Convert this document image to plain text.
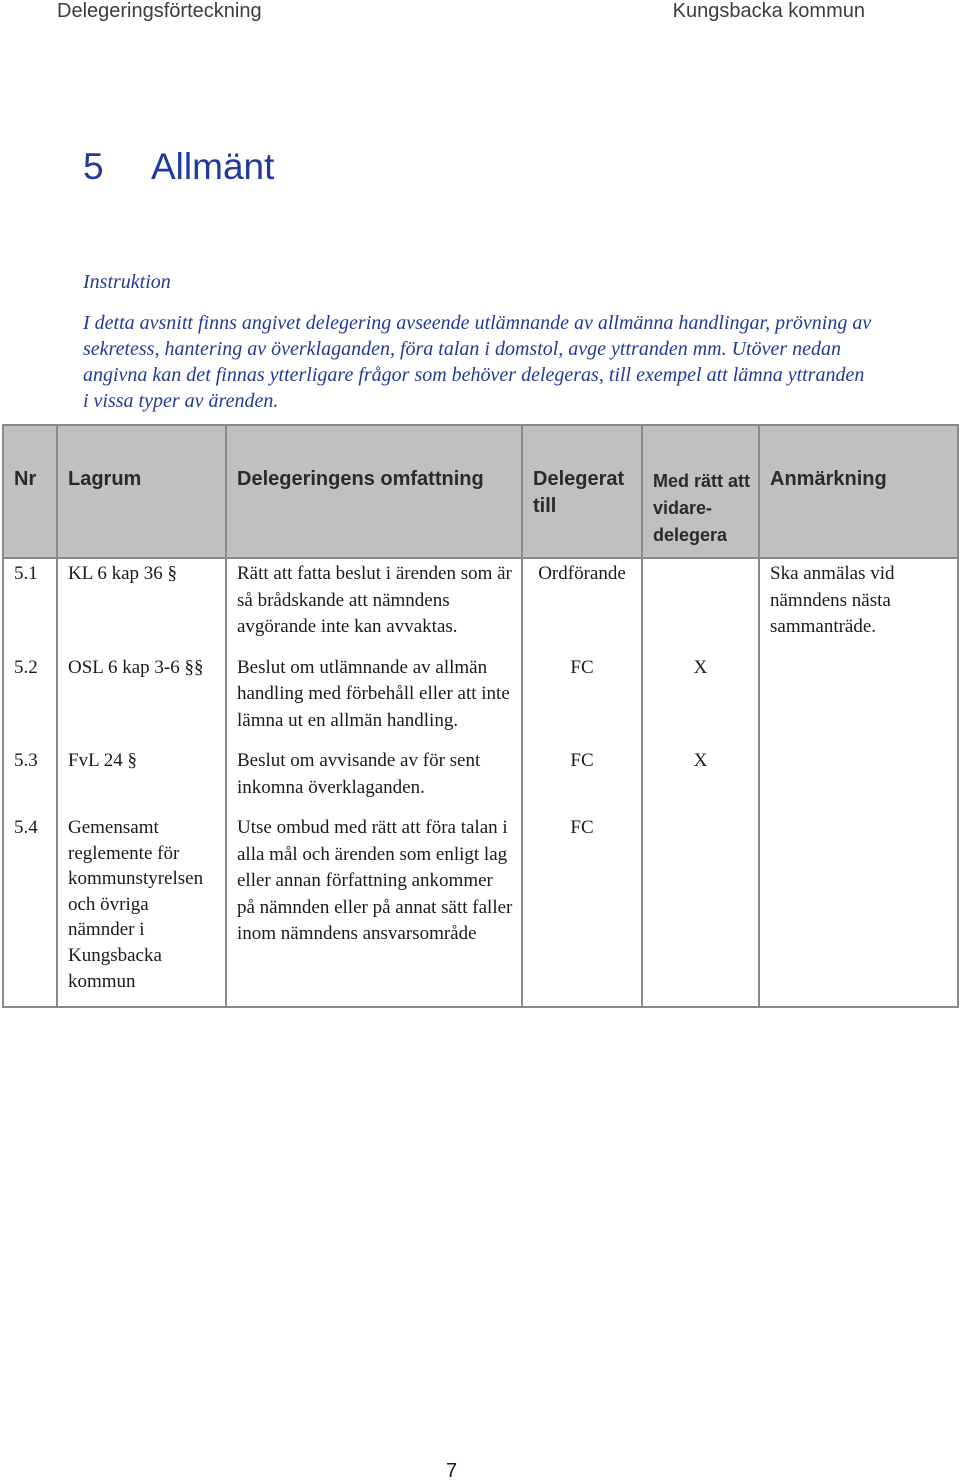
Delegeringsförteckning	Kungsbacka kommun
5 Allmänt
Instruktion
I detta avsnitt finns angivet delegering avseende utlämnande av allmänna handlingar, prövning av sekretess, hantering av överklaganden, föra talan i domstol, avge yttranden mm. Utöver nedan angivna kan det finnas ytterligare frågor som behöver delegeras, till exempel att lämna yttranden i vissa typer av ärenden.
Nr	Lagrum	Delegeringens omfattning	Delegerat till	Med rätt att vidare-delegera	Anmärkning
5.1	KL 6 kap 36 §	Rätt att fatta beslut i ärenden som är så brådskande att nämndens avgörande inte kan avvaktas.	Ordförande		Ska anmälas vid nämndens nästa sammanträde.
5.2	OSL 6 kap 3-6 §§	Beslut om utlämnande av allmän handling med förbehåll eller att inte lämna ut en allmän handling.	FC	X	
5.3	FvL 24 §	Beslut om avvisande av för sent inkomna överklaganden.	FC	X	
5.4	Gemensamt reglemente för kommunstyrelsen och övriga nämnder i Kungsbacka kommun	Utse ombud med rätt att föra talan i alla mål och ärenden som enligt lag eller annan författning ankommer på nämnden eller på annat sätt faller inom nämndens ansvarsområde	FC		
7
